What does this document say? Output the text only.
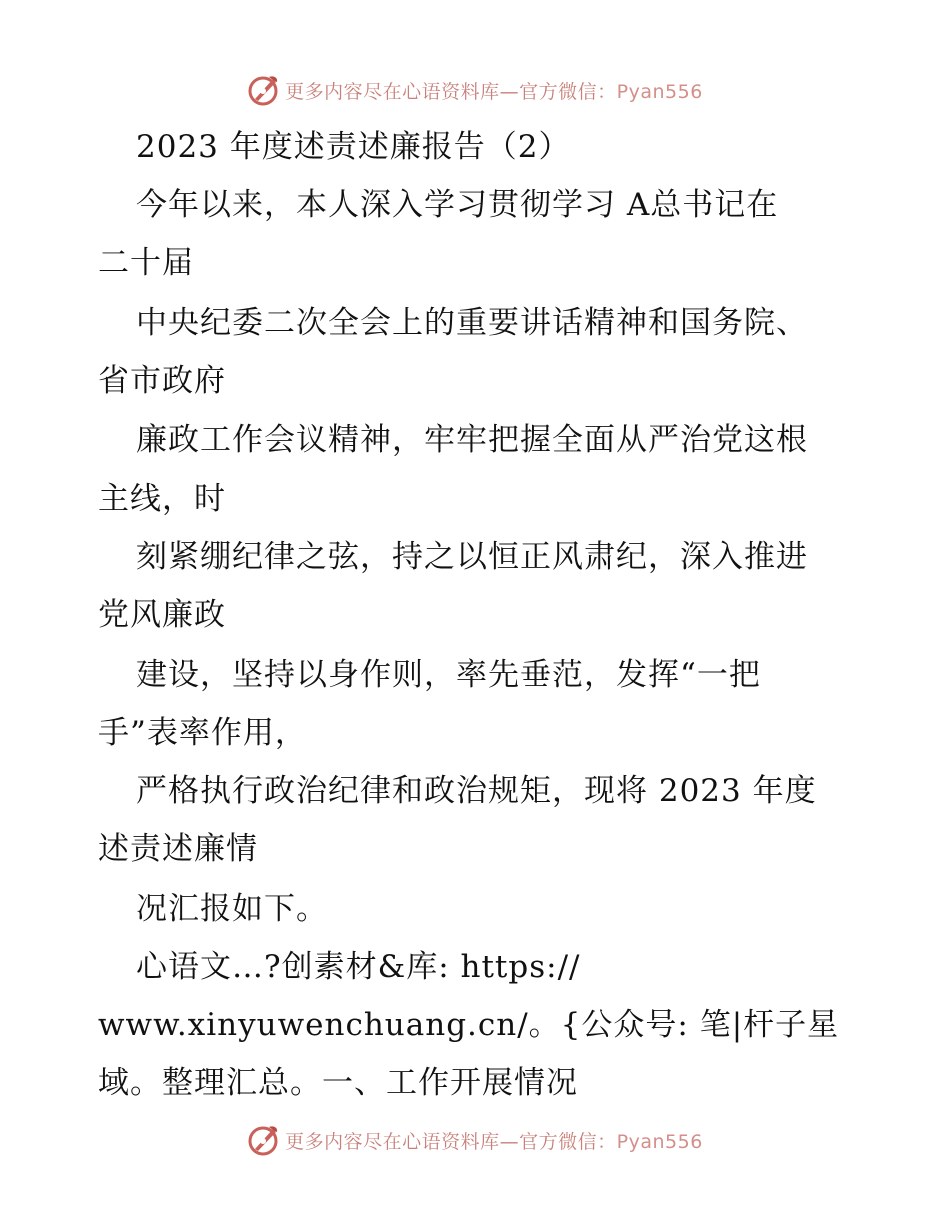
更多内容尽在心语资料库—官方微信：Pyan556
2023 年度述责述廉报告（2）
今年以来，本人深入学习贯彻学习 A总书记在
二十届
中央纪委二次全会上的重要讲话精神和国务院、
省市政府
廉政工作会议精神，牢牢把握全面从严治党这根
主线，时
刻紧绷纪律之弦，持之以恒正风肃纪，深入推进
党风廉政
建设，坚持以身作则，率先垂范，发挥“一把
手”表率作用，
严格执行政治纪律和政治规矩，现将 2023 年度
述责述廉情
况汇报如下。
心语文…?创素材&库: https://
www.xinyuwenchuang.cn/。{公众号: 笔|杆子星
域。整理汇总。一、工作开展情况
更多内容尽在心语资料库—官方微信：Pyan556
